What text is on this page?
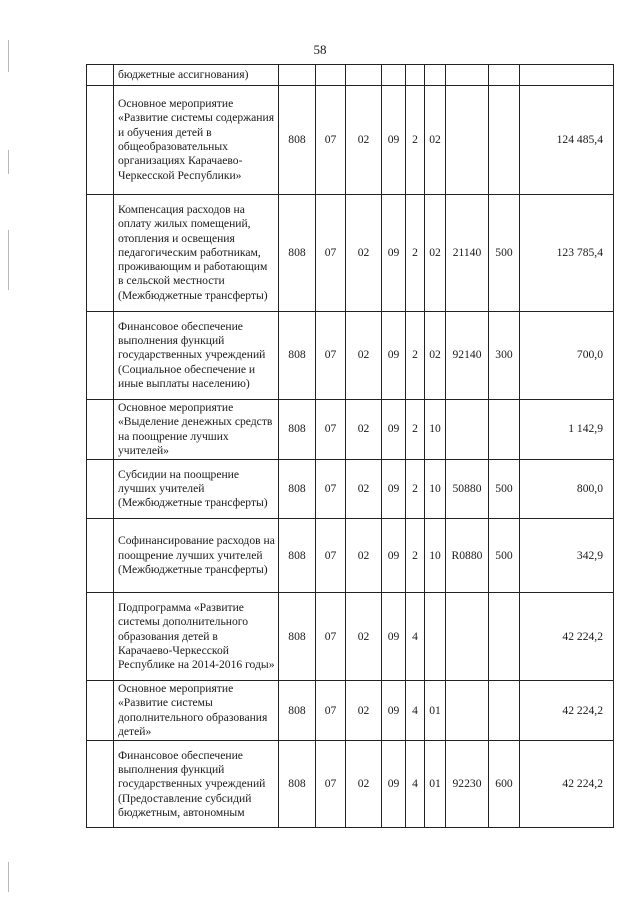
58
	бюджетные ассигнования)									
	Основное мероприятие «Развитие системы содержания и обучения детей в общеобразовательных организациях Карачаево-Черкесской Республики»	808	07	02	09	2	02			124 485,4
	Компенсация расходов на оплату жилых помещений, отопления и освещения педагогическим работникам, проживающим и работающим в сельской местности (Межбюджетные трансферты)	808	07	02	09	2	02	21140	500	123 785,4
	Финансовое обеспечение выполнения функций государственных учреждений (Социальное обеспечение и иные выплаты населению)	808	07	02	09	2	02	92140	300	700,0
	Основное мероприятие «Выделение денежных средств на поощрение лучших учителей»	808	07	02	09	2	10			1 142,9
	Субсидии на поощрение лучших учителей (Межбюджетные трансферты)	808	07	02	09	2	10	50880	500	800,0
	Софинансирование расходов на поощрение лучших учителей (Межбюджетные трансферты)	808	07	02	09	2	10	R0880	500	342,9
	Подпрограмма «Развитие системы дополнительного образования детей в Карачаево-Черкесской Республике на 2014-2016 годы»	808	07	02	09	4				42 224,2
	Основное мероприятие «Развитие системы дополнительного образования детей»	808	07	02	09	4	01			42 224,2
	Финансовое обеспечение выполнения функций государственных учреждений (Предоставление субсидий бюджетным, автономным	808	07	02	09	4	01	92230	600	42 224,2
